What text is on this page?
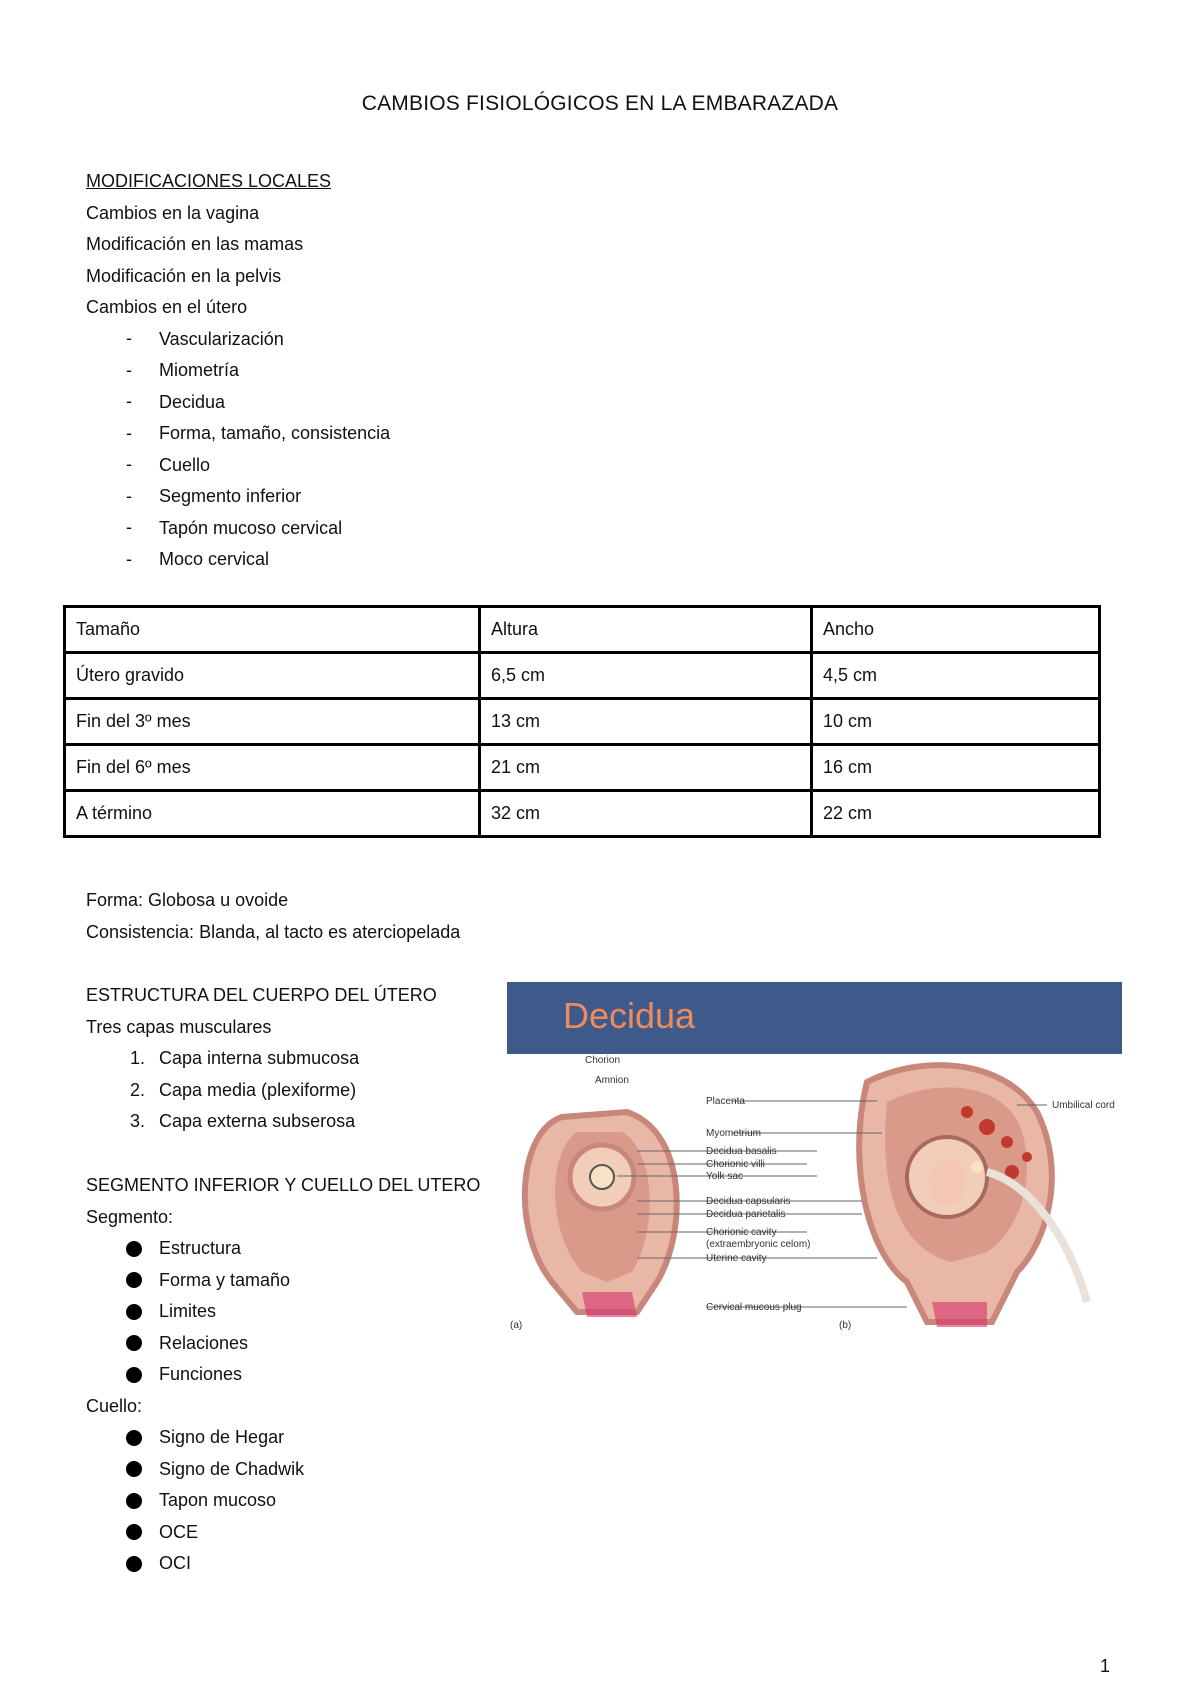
CAMBIOS FISIOLÓGICOS EN LA EMBARAZADA
MODIFICACIONES LOCALES
Cambios en la vagina
Modificación en las mamas
Modificación en la pelvis
Cambios en el útero
Vascularización
Miometría
Decidua
Forma, tamaño, consistencia
Cuello
Segmento inferior
Tapón mucoso cervical
Moco cervical
Tamaño	Altura	Ancho
Útero gravido	6,5 cm	4,5 cm
Fin del 3º mes	13 cm	10 cm
Fin del 6º mes	21 cm	16 cm
A término	32 cm	22 cm
Forma: Globosa u ovoide
Consistencia: Blanda, al tacto es aterciopelada
ESTRUCTURA DEL CUERPO DEL ÚTERO
Tres capas musculares
1. Capa interna submucosa
2. Capa media (plexiforme)
3. Capa externa subserosa
SEGMENTO INFERIOR Y CUELLO DEL UTERO
Segmento:
Estructura
Forma y tamaño
Limites
Relaciones
Funciones
Cuello:
Signo de Hegar
Signo de Chadwik
Tapon mucoso
OCE
OCI
Decidua
Chorion
Amnion
Placenta
Myometrium
Decidua basalis
Chorionic villi
Yolk sac
Decidua capsularis
Decidua parietalis
Chorionic cavity
(extraembryonic celom)
Uterine cavity
Cervical mucous plug
Umbilical cord
(a)	(b)
1
